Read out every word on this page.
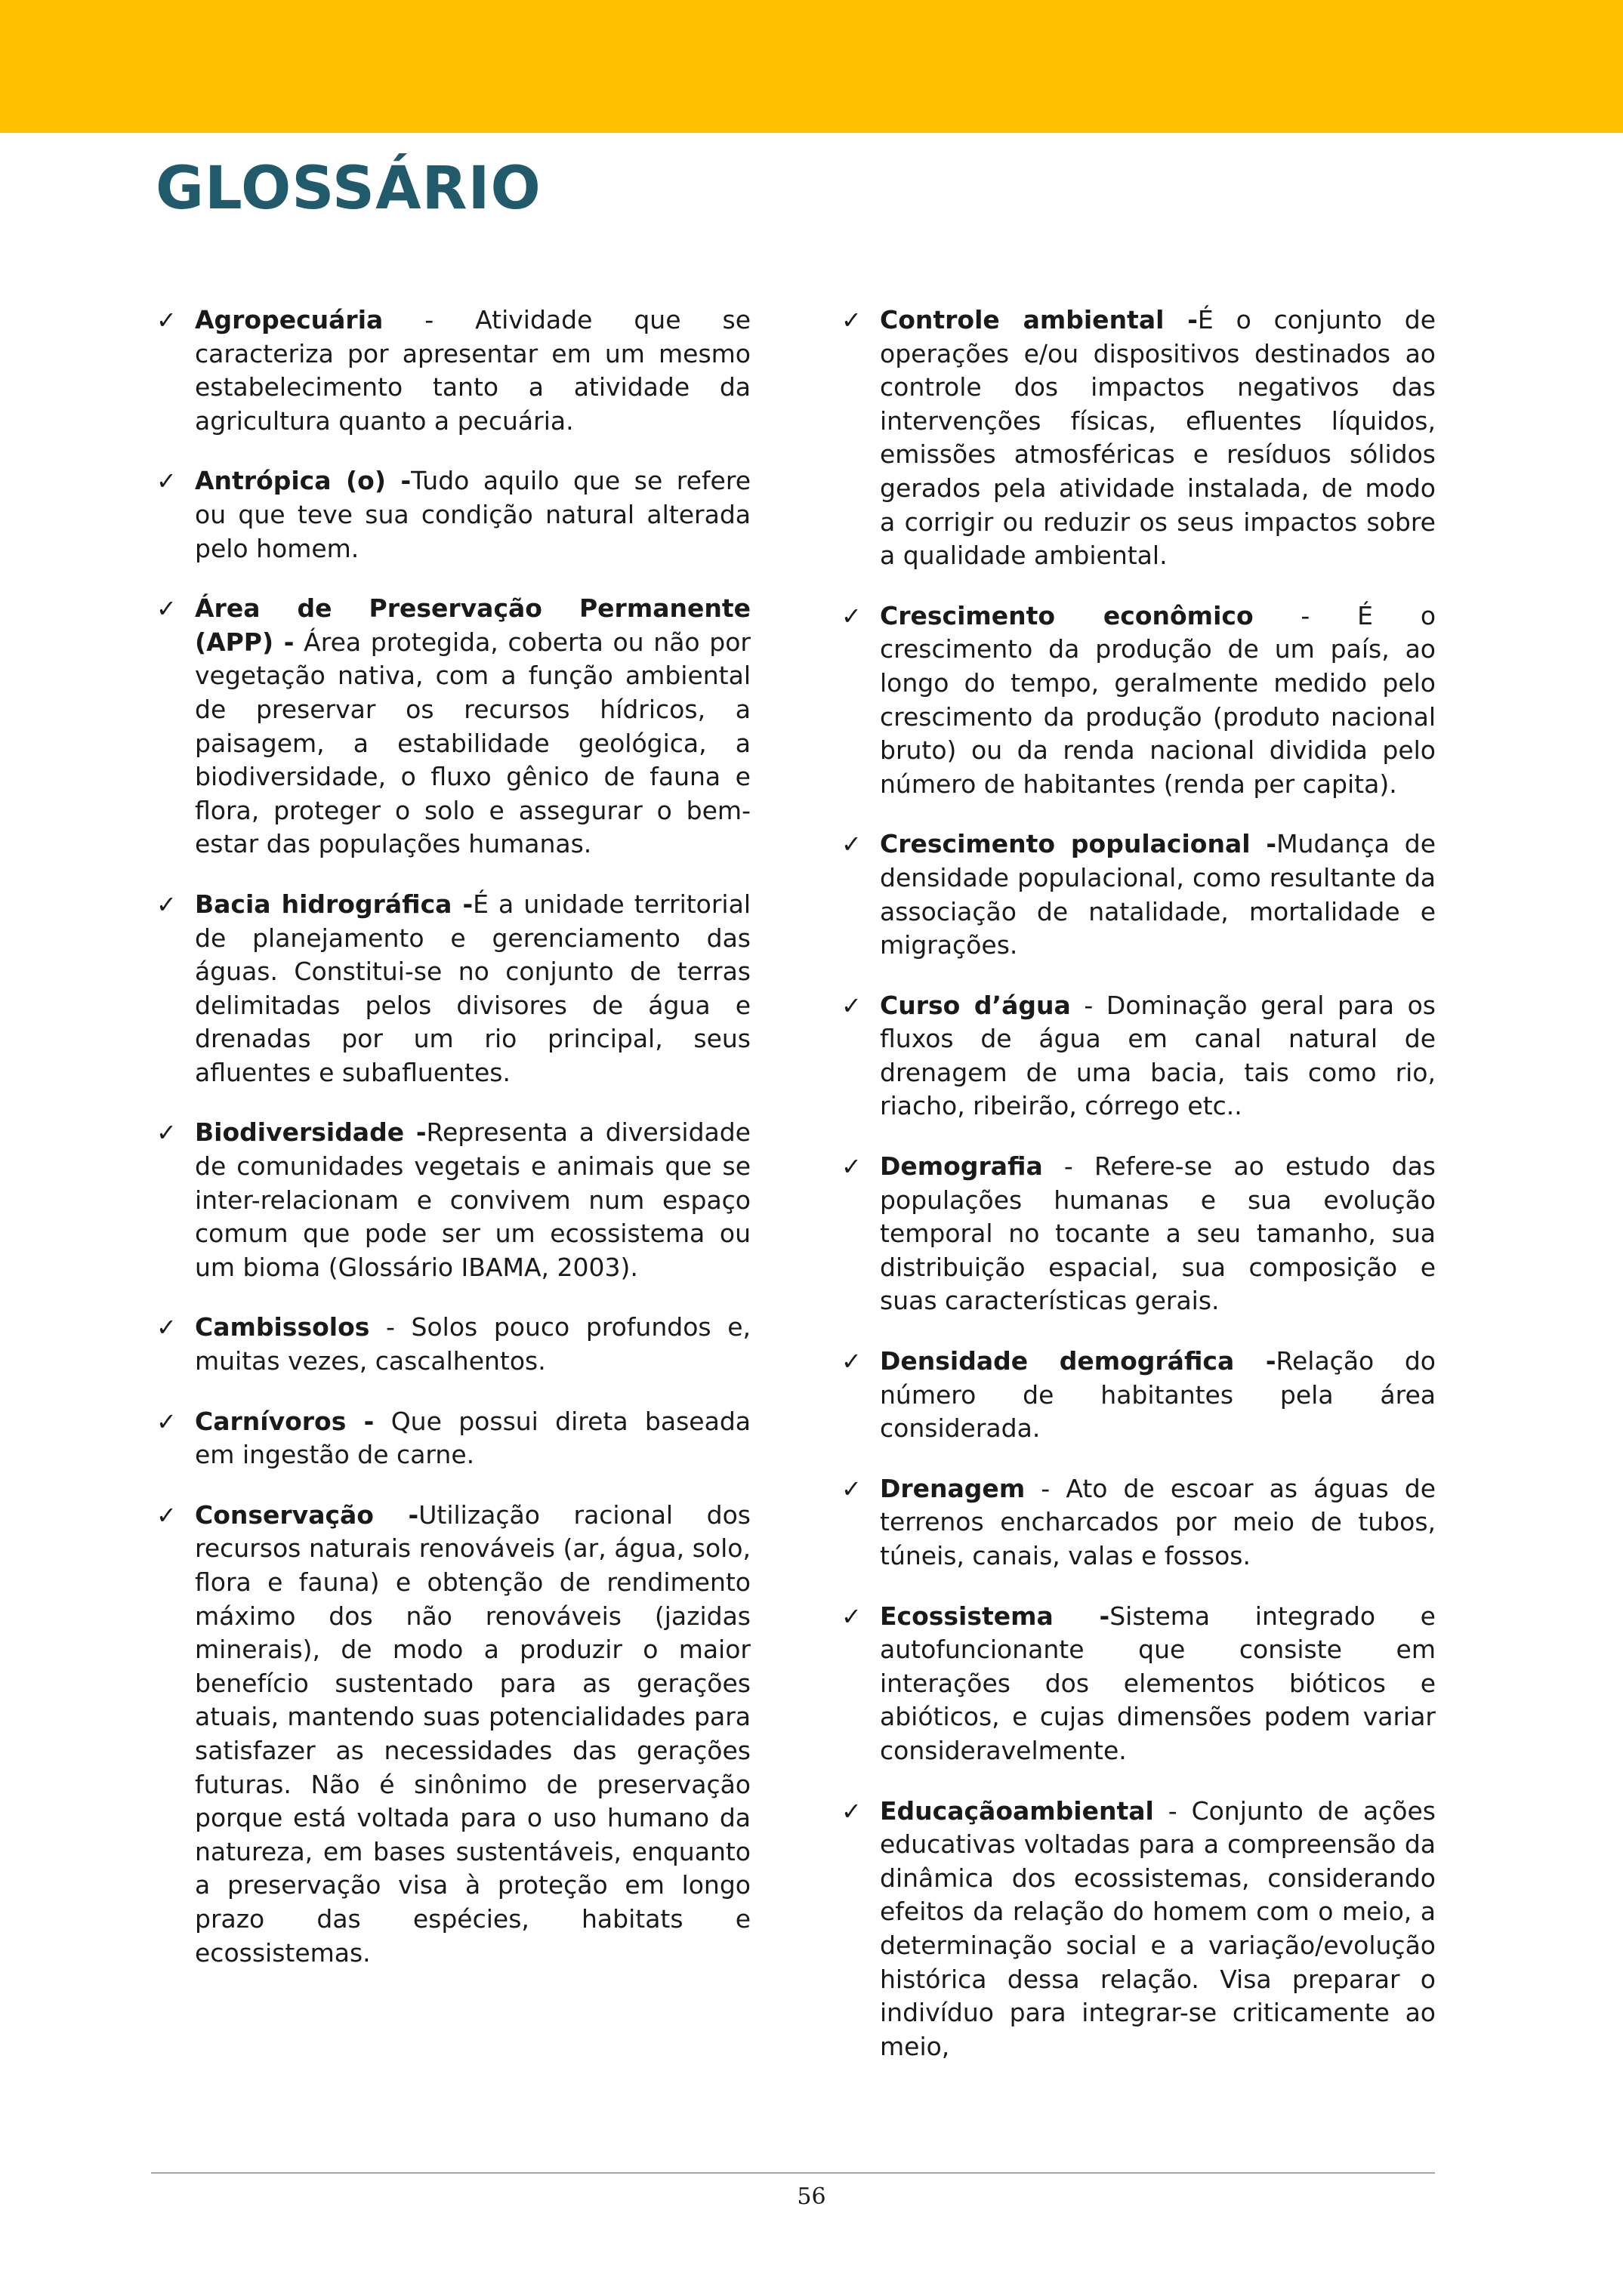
GLOSSÁRIO
✓ Agropecuária - Atividade que se caracteriza por apresentar em um mesmo estabelecimento tanto a atividade da agricultura quanto a pecuária.
✓ Antrópica (o) -Tudo aquilo que se refere ou que teve sua condição natural alterada pelo homem.
✓ Área de Preservação Permanente (APP) - Área protegida, coberta ou não por vegetação nativa, com a função ambiental de preservar os recursos hídricos, a paisagem, a estabilidade geológica, a biodiversidade, o fluxo gênico de fauna e flora, proteger o solo e assegurar o bem-estar das populações humanas.
✓ Bacia hidrográfica -É a unidade territorial de planejamento e gerenciamento das águas. Constitui-se no conjunto de terras delimitadas pelos divisores de água e drenadas por um rio principal, seus afluentes e subafluentes.
✓ Biodiversidade -Representa a diversidade de comunidades vegetais e animais que se inter-relacionam e convivem num espaço comum que pode ser um ecossistema ou um bioma (Glossário IBAMA, 2003).
✓ Cambissolos - Solos pouco profundos e, muitas vezes, cascalhentos.
✓ Carnívoros - Que possui direta baseada em ingestão de carne.
✓ Conservação -Utilização racional dos recursos naturais renováveis (ar, água, solo, flora e fauna) e obtenção de rendimento máximo dos não renováveis (jazidas minerais), de modo a produzir o maior benefício sustentado para as gerações atuais, mantendo suas potencialidades para satisfazer as necessidades das gerações futuras. Não é sinônimo de preservação porque está voltada para o uso humano da natureza, em bases sustentáveis, enquanto a preservação visa à proteção em longo prazo das espécies, habitats e ecossistemas.
✓ Controle ambiental -É o conjunto de operações e/ou dispositivos destinados ao controle dos impactos negativos das intervenções físicas, efluentes líquidos, emissões atmosféricas e resíduos sólidos gerados pela atividade instalada, de modo a corrigir ou reduzir os seus impactos sobre a qualidade ambiental.
✓ Crescimento econômico - É o crescimento da produção de um país, ao longo do tempo, geralmente medido pelo crescimento da produção (produto nacional bruto) ou da renda nacional dividida pelo número de habitantes (renda per capita).
✓ Crescimento populacional -Mudança de densidade populacional, como resultante da associação de natalidade, mortalidade e migrações.
✓ Curso d’água - Dominação geral para os fluxos de água em canal natural de drenagem de uma bacia, tais como rio, riacho, ribeirão, córrego etc..
✓ Demografia - Refere-se ao estudo das populações humanas e sua evolução temporal no tocante a seu tamanho, sua distribuição espacial, sua composição e suas características gerais.
✓ Densidade demográfica -Relação do número de habitantes pela área considerada.
✓ Drenagem - Ato de escoar as águas de terrenos encharcados por meio de tubos, túneis, canais, valas e fossos.
✓ Ecossistema -Sistema integrado e autofuncionante que consiste em interações dos elementos bióticos e abióticos, e cujas dimensões podem variar consideravelmente.
✓ Educaçãoambiental - Conjunto de ações educativas voltadas para a compreensão da dinâmica dos ecossistemas, considerando efeitos da relação do homem com o meio, a determinação social e a variação/evolução histórica dessa relação. Visa preparar o indivíduo para integrar-se criticamente ao meio,
56
